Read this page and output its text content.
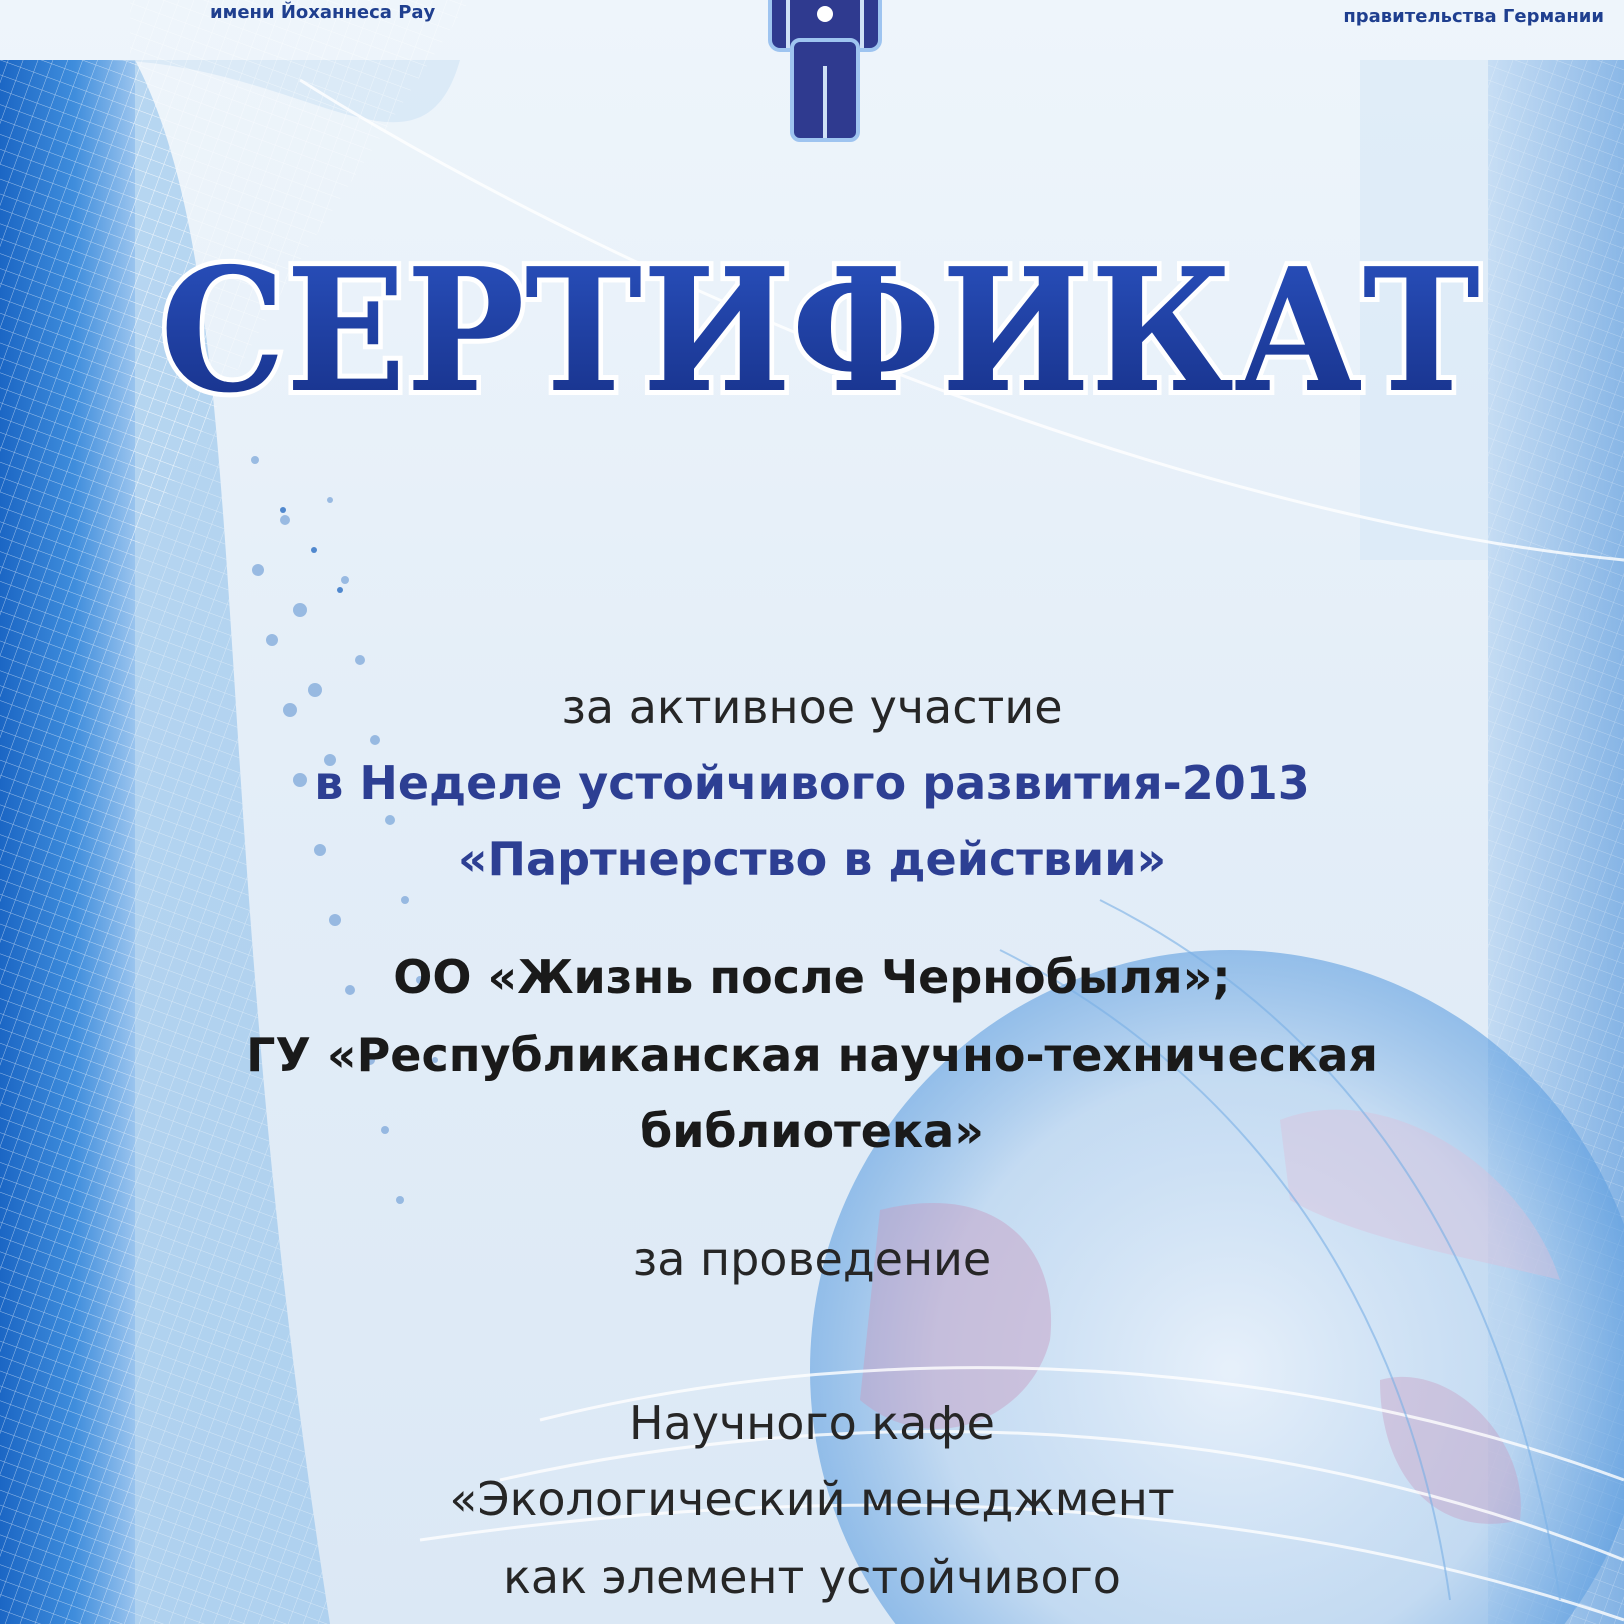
имени Йоханнеса Рау	правительства Германии
СЕРТИФИКАТ
за активное участие
в Неделе устойчивого развития-2013
«Партнерство в действии»
ОО «Жизнь после Чернобыля»;
ГУ «Республиканская научно-техническая
библиотека»
за проведение
Научного кафе
«Экологический менеджмент
как элемент устойчивого
